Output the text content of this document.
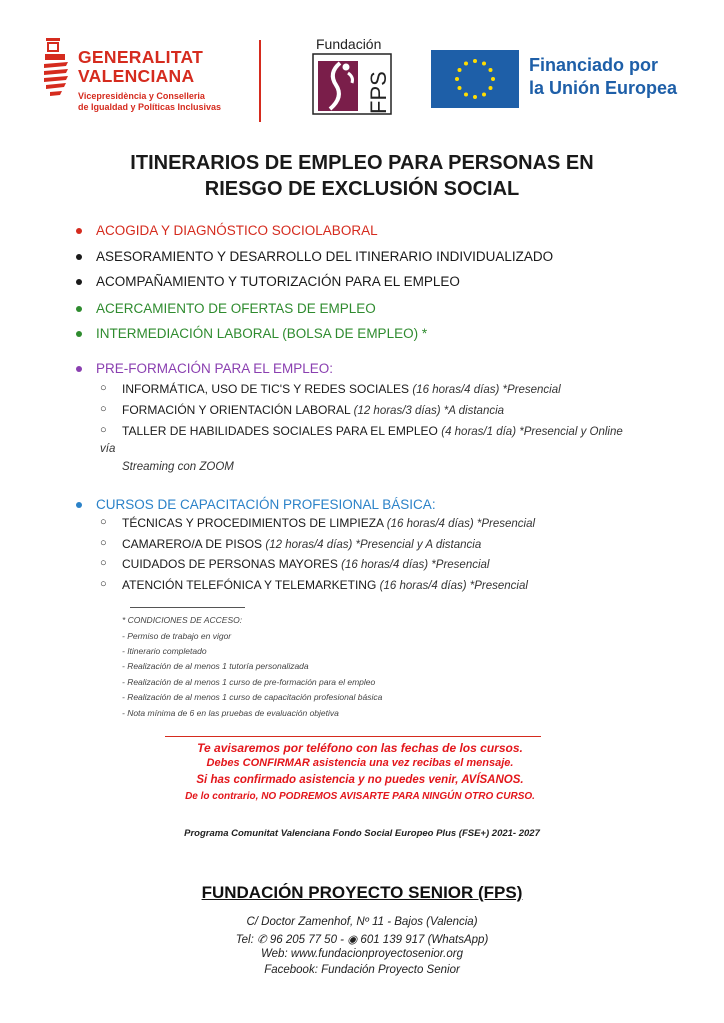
GENERALITAT
VALENCIANA
Vicepresidència y Conselleria
de Igualdad y Políticas Inclusivas
Fundación
FPS
Financiado por
la Unión Europea
ITINERARIOS DE EMPLEO PARA PERSONAS EN
RIESGO DE EXCLUSIÓN SOCIAL
ACOGIDA Y DIAGNÓSTICO SOCIOLABORAL
ASESORAMIENTO Y DESARROLLO DEL ITINERARIO INDIVIDUALIZADO
ACOMPAÑAMIENTO Y TUTORIZACIÓN PARA EL EMPLEO
ACERCAMIENTO DE OFERTAS DE EMPLEO
INTERMEDIACIÓN LABORAL (BOLSA DE EMPLEO) *
PRE-FORMACIÓN PARA EL EMPLEO:
○ INFORMÁTICA, USO DE TIC'S Y REDES SOCIALES (16 horas/4 días) *Presencial
○ FORMACIÓN Y ORIENTACIÓN LABORAL (12 horas/3 días) *A distancia
○ TALLER DE HABILIDADES SOCIALES PARA EL EMPLEO (4 horas/1 día) *Presencial y Online
vía
Streaming con ZOOM
CURSOS DE CAPACITACIÓN PROFESIONAL BÁSICA:
○ TÉCNICAS Y PROCEDIMIENTOS DE LIMPIEZA (16 horas/4 días) *Presencial
○ CAMARERO/A DE PISOS (12 horas/4 días) *Presencial y A distancia
○ CUIDADOS DE PERSONAS MAYORES (16 horas/4 días) *Presencial
○ ATENCIÓN TELEFÓNICA Y TELEMARKETING (16 horas/4 días) *Presencial
* CONDICIONES DE ACCESO:
- Permiso de trabajo en vigor
- Itinerario completado
- Realización de al menos 1 tutoría personalizada
- Realización de al menos 1 curso de pre-formación para el empleo
- Realización de al menos 1 curso de capacitación profesional básica
- Nota mínima de 6 en las pruebas de evaluación objetiva
Te avisaremos por teléfono con las fechas de los cursos.
Debes CONFIRMAR asistencia una vez recibas el mensaje.
Si has confirmado asistencia y no puedes venir, AVÍSANOS.
De lo contrario, NO PODREMOS AVISARTE PARA NINGÚN OTRO CURSO.
Programa Comunitat Valenciana Fondo Social Europeo Plus (FSE+) 2021- 2027
FUNDACIÓN PROYECTO SENIOR (FPS)
C/ Doctor Zamenhof, Nº 11 - Bajos (Valencia)
Tel: ✆ 96 205 77 50 - ◉ 601 139 917 (WhatsApp)
Web: www.fundacionproyectosenior.org
Facebook: Fundación Proyecto Senior
